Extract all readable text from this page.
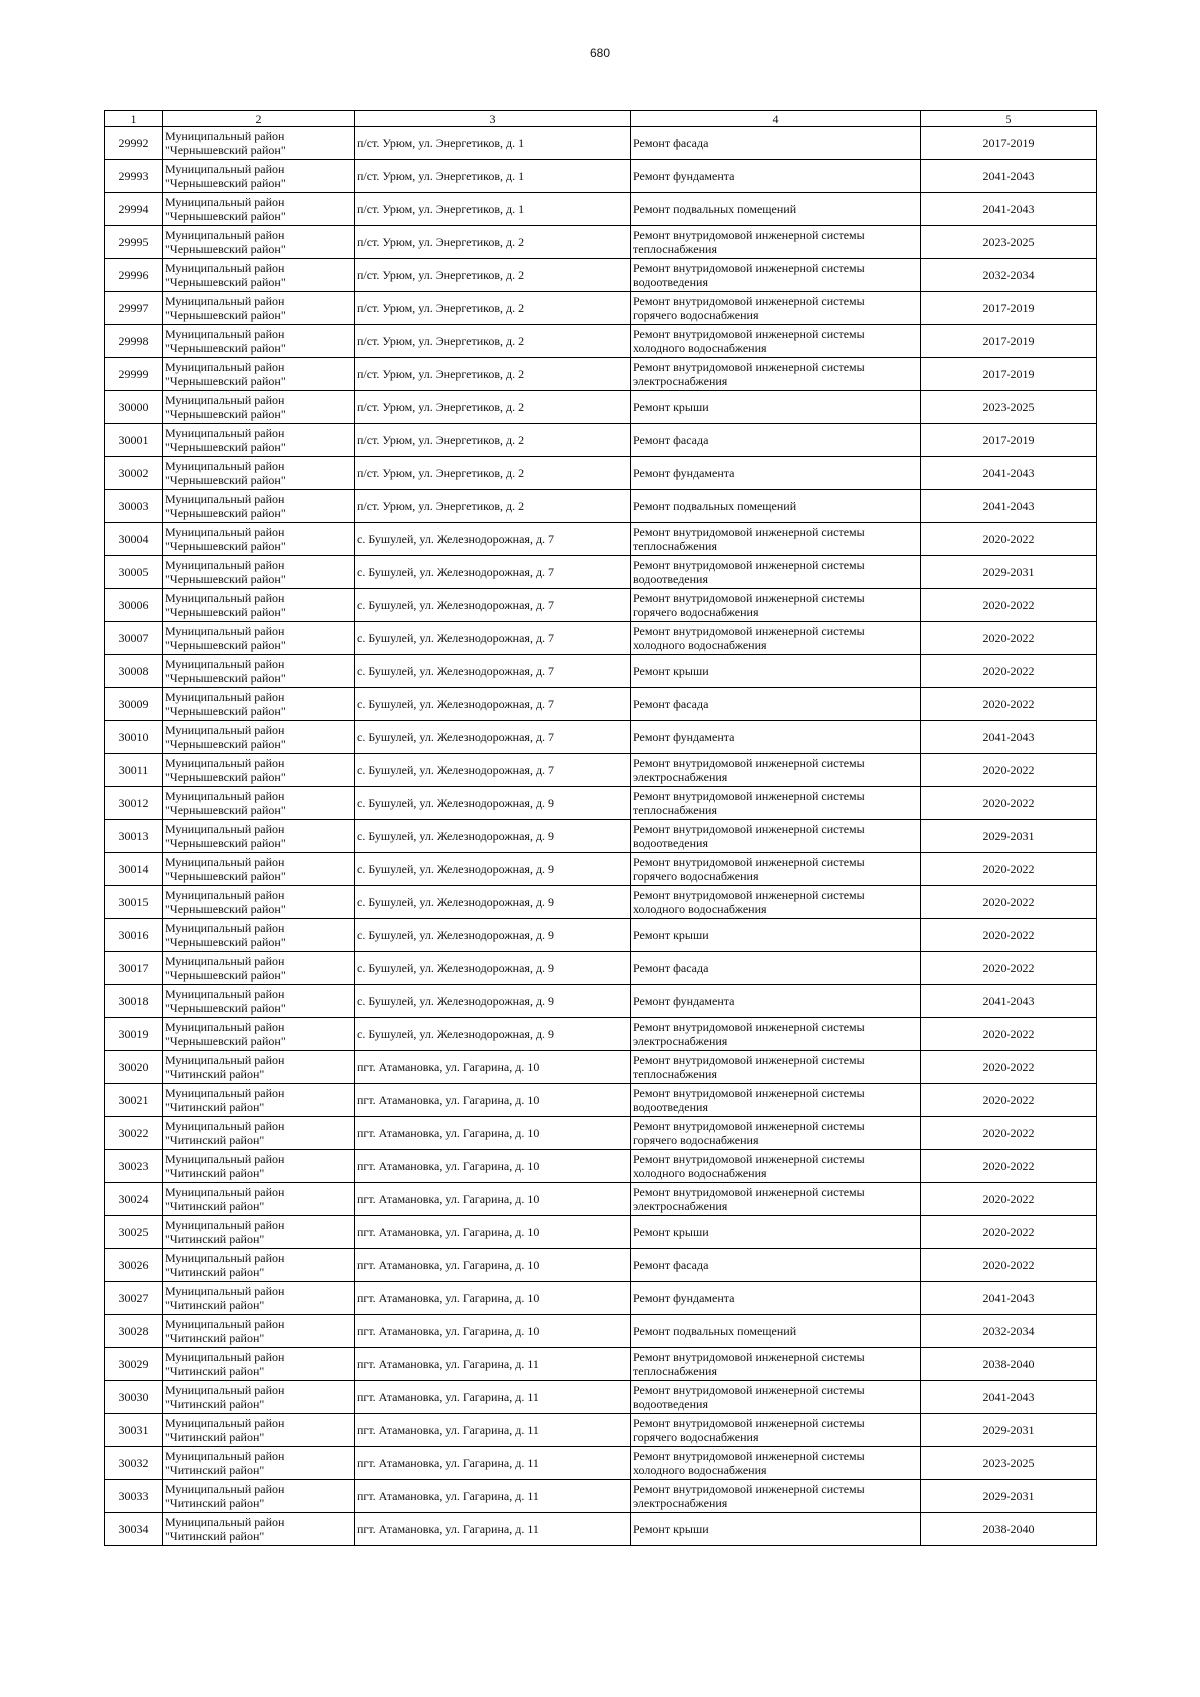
680
1	2	3	4	5

29992	Муниципальный район
"Чернышевский район"	п/ст. Урюм, ул. Энергетиков, д. 1	Ремонт фасада	2017-2019

29993	Муниципальный район
"Чернышевский район"	п/ст. Урюм, ул. Энергетиков, д. 1	Ремонт фундамента	2041-2043

29994	Муниципальный район
"Чернышевский район"	п/ст. Урюм, ул. Энергетиков, д. 1	Ремонт подвальных помещений	2041-2043

29995	Муниципальный район
"Чернышевский район"	п/ст. Урюм, ул. Энергетиков, д. 2	Ремонт внутридомовой инженерной системы
теплоснабжения	2023-2025

29996	Муниципальный район
"Чернышевский район"	п/ст. Урюм, ул. Энергетиков, д. 2	Ремонт внутридомовой инженерной системы
водоотведения	2032-2034

29997	Муниципальный район
"Чернышевский район"	п/ст. Урюм, ул. Энергетиков, д. 2	Ремонт внутридомовой инженерной системы
горячего водоснабжения	2017-2019

29998	Муниципальный район
"Чернышевский район"	п/ст. Урюм, ул. Энергетиков, д. 2	Ремонт внутридомовой инженерной системы
холодного водоснабжения	2017-2019

29999	Муниципальный район
"Чернышевский район"	п/ст. Урюм, ул. Энергетиков, д. 2	Ремонт внутридомовой инженерной системы
электроснабжения	2017-2019

30000	Муниципальный район
"Чернышевский район"	п/ст. Урюм, ул. Энергетиков, д. 2	Ремонт крыши	2023-2025

30001	Муниципальный район
"Чернышевский район"	п/ст. Урюм, ул. Энергетиков, д. 2	Ремонт фасада	2017-2019

30002	Муниципальный район
"Чернышевский район"	п/ст. Урюм, ул. Энергетиков, д. 2	Ремонт фундамента	2041-2043

30003	Муниципальный район
"Чернышевский район"	п/ст. Урюм, ул. Энергетиков, д. 2	Ремонт подвальных помещений	2041-2043

30004	Муниципальный район
"Чернышевский район"	с. Бушулей, ул. Железнодорожная, д. 7	Ремонт внутридомовой инженерной системы
теплоснабжения	2020-2022

30005	Муниципальный район
"Чернышевский район"	с. Бушулей, ул. Железнодорожная, д. 7	Ремонт внутридомовой инженерной системы
водоотведения	2029-2031

30006	Муниципальный район
"Чернышевский район"	с. Бушулей, ул. Железнодорожная, д. 7	Ремонт внутридомовой инженерной системы
горячего водоснабжения	2020-2022

30007	Муниципальный район
"Чернышевский район"	с. Бушулей, ул. Железнодорожная, д. 7	Ремонт внутридомовой инженерной системы
холодного водоснабжения	2020-2022

30008	Муниципальный район
"Чернышевский район"	с. Бушулей, ул. Железнодорожная, д. 7	Ремонт крыши	2020-2022

30009	Муниципальный район
"Чернышевский район"	с. Бушулей, ул. Железнодорожная, д. 7	Ремонт фасада	2020-2022

30010	Муниципальный район
"Чернышевский район"	с. Бушулей, ул. Железнодорожная, д. 7	Ремонт фундамента	2041-2043

30011	Муниципальный район
"Чернышевский район"	с. Бушулей, ул. Железнодорожная, д. 7	Ремонт внутридомовой инженерной системы
электроснабжения	2020-2022

30012	Муниципальный район
"Чернышевский район"	с. Бушулей, ул. Железнодорожная, д. 9	Ремонт внутридомовой инженерной системы
теплоснабжения	2020-2022

30013	Муниципальный район
"Чернышевский район"	с. Бушулей, ул. Железнодорожная, д. 9	Ремонт внутридомовой инженерной системы
водоотведения	2029-2031

30014	Муниципальный район
"Чернышевский район"	с. Бушулей, ул. Железнодорожная, д. 9	Ремонт внутридомовой инженерной системы
горячего водоснабжения	2020-2022

30015	Муниципальный район
"Чернышевский район"	с. Бушулей, ул. Железнодорожная, д. 9	Ремонт внутридомовой инженерной системы
холодного водоснабжения	2020-2022

30016	Муниципальный район
"Чернышевский район"	с. Бушулей, ул. Железнодорожная, д. 9	Ремонт крыши	2020-2022

30017	Муниципальный район
"Чернышевский район"	с. Бушулей, ул. Железнодорожная, д. 9	Ремонт фасада	2020-2022

30018	Муниципальный район
"Чернышевский район"	с. Бушулей, ул. Железнодорожная, д. 9	Ремонт фундамента	2041-2043

30019	Муниципальный район
"Чернышевский район"	с. Бушулей, ул. Железнодорожная, д. 9	Ремонт внутридомовой инженерной системы
электроснабжения	2020-2022

30020	Муниципальный район
"Читинский район"	пгт. Атамановка, ул. Гагарина, д. 10	Ремонт внутридомовой инженерной системы
теплоснабжения	2020-2022

30021	Муниципальный район
"Читинский район"	пгт. Атамановка, ул. Гагарина, д. 10	Ремонт внутридомовой инженерной системы
водоотведения	2020-2022

30022	Муниципальный район
"Читинский район"	пгт. Атамановка, ул. Гагарина, д. 10	Ремонт внутридомовой инженерной системы
горячего водоснабжения	2020-2022

30023	Муниципальный район
"Читинский район"	пгт. Атамановка, ул. Гагарина, д. 10	Ремонт внутридомовой инженерной системы
холодного водоснабжения	2020-2022

30024	Муниципальный район
"Читинский район"	пгт. Атамановка, ул. Гагарина, д. 10	Ремонт внутридомовой инженерной системы
электроснабжения	2020-2022

30025	Муниципальный район
"Читинский район"	пгт. Атамановка, ул. Гагарина, д. 10	Ремонт крыши	2020-2022

30026	Муниципальный район
"Читинский район"	пгт. Атамановка, ул. Гагарина, д. 10	Ремонт фасада	2020-2022

30027	Муниципальный район
"Читинский район"	пгт. Атамановка, ул. Гагарина, д. 10	Ремонт фундамента	2041-2043

30028	Муниципальный район
"Читинский район"	пгт. Атамановка, ул. Гагарина, д. 10	Ремонт подвальных помещений	2032-2034

30029	Муниципальный район
"Читинский район"	пгт. Атамановка, ул. Гагарина, д. 11	Ремонт внутридомовой инженерной системы
теплоснабжения	2038-2040

30030	Муниципальный район
"Читинский район"	пгт. Атамановка, ул. Гагарина, д. 11	Ремонт внутридомовой инженерной системы
водоотведения	2041-2043

30031	Муниципальный район
"Читинский район"	пгт. Атамановка, ул. Гагарина, д. 11	Ремонт внутридомовой инженерной системы
горячего водоснабжения	2029-2031

30032	Муниципальный район
"Читинский район"	пгт. Атамановка, ул. Гагарина, д. 11	Ремонт внутридомовой инженерной системы
холодного водоснабжения	2023-2025

30033	Муниципальный район
"Читинский район"	пгт. Атамановка, ул. Гагарина, д. 11	Ремонт внутридомовой инженерной системы
электроснабжения	2029-2031

30034	Муниципальный район
"Читинский район"	пгт. Атамановка, ул. Гагарина, д. 11	Ремонт крыши	2038-2040
